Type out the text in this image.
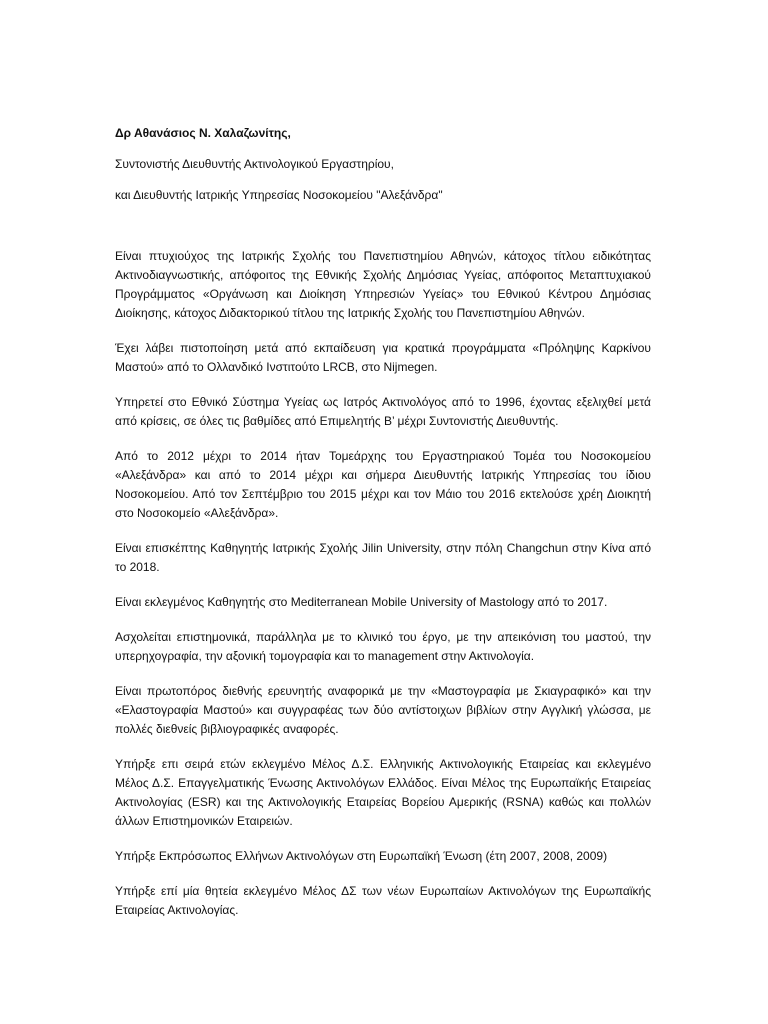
Δρ Αθανάσιος Ν. Χαλαζωνίτης,
Συντονιστής Διευθυντής Ακτινολογικού Εργαστηρίου,
και Διευθυντής Ιατρικής Υπηρεσίας Νοσοκομείου "Αλεξάνδρα"

Είναι πτυχιούχος της Ιατρικής Σχολής του Πανεπιστημίου Αθηνών, κάτοχος τίτλου ειδικότητας Ακτινοδιαγνωστικής, απόφοιτος της Εθνικής Σχολής Δημόσιας Υγείας, απόφοιτος Μεταπτυχιακού Προγράμματος «Οργάνωση και Διοίκηση Υπηρεσιών Υγείας» του Εθνικού Κέντρου Δημόσιας Διοίκησης, κάτοχος Διδακτορικού τίτλου της Ιατρικής Σχολής του Πανεπιστημίου Αθηνών.

Έχει λάβει πιστοποίηση μετά από εκπαίδευση για κρατικά προγράμματα «Πρόληψης Καρκίνου Μαστού» από το Ολλανδικό Ινστιτούτο LRCB, στο Nijmegen.

Υπηρετεί στο Εθνικό Σύστημα Υγείας ως Ιατρός Ακτινολόγος από το 1996, έχοντας εξελιχθεί μετά από κρίσεις, σε όλες τις βαθμίδες από Επιμελητής Β’ μέχρι Συντονιστής Διευθυντής.

Από το 2012 μέχρι το 2014 ήταν Τομεάρχης του Εργαστηριακού Τομέα του Νοσοκομείου «Αλεξάνδρα» και από το 2014 μέχρι και σήμερα Διευθυντής Ιατρικής Υπηρεσίας του ίδιου Νοσοκομείου. Από τον Σεπτέμβριο του 2015 μέχρι και τον Μάιο του 2016 εκτελούσε χρέη Διοικητή στο Νοσοκομείο «Αλεξάνδρα».

Είναι επισκέπτης Καθηγητής Ιατρικής Σχολής Jilin University, στην πόλη Changchun στην Κίνα από το 2018.

Είναι εκλεγμένος Καθηγητής στο Mediterranean Mobile University of Mastology από το 2017.

Ασχολείται επιστημονικά, παράλληλα με το κλινικό του έργο, με την απεικόνιση του μαστού, την υπερηχογραφία, την αξονική τομογραφία και το management στην Ακτινολογία.

Είναι πρωτοπόρος διεθνής ερευνητής αναφορικά με την «Μαστογραφία με Σκιαγραφικό» και την «Ελαστογραφία Μαστού» και συγγραφέας των δύο αντίστοιχων βιβλίων στην Αγγλική γλώσσα, με πολλές διεθνείς βιβλιογραφικές αναφορές.

Υπήρξε επι σειρά ετών εκλεγμένο Μέλος Δ.Σ. Ελληνικής Ακτινολογικής Εταιρείας και εκλεγμένο Μέλος Δ.Σ. Επαγγελματικής Ένωσης Ακτινολόγων Ελλάδος. Είναι Μέλος της Ευρωπαϊκής Εταιρείας Ακτινολογίας (ESR) και της Ακτινολογικής Εταιρείας Βορείου Αμερικής (RSNA) καθώς και πολλών άλλων Επιστημονικών Εταιρειών.

Υπήρξε Εκπρόσωπος Ελλήνων Ακτινολόγων στη Ευρωπαϊκή Ένωση (έτη 2007, 2008, 2009)

Υπήρξε επί μία θητεία εκλεγμένο Μέλος ΔΣ των νέων Ευρωπαίων Ακτινολόγων της Ευρωπαϊκής Εταιρείας Ακτινολογίας.
